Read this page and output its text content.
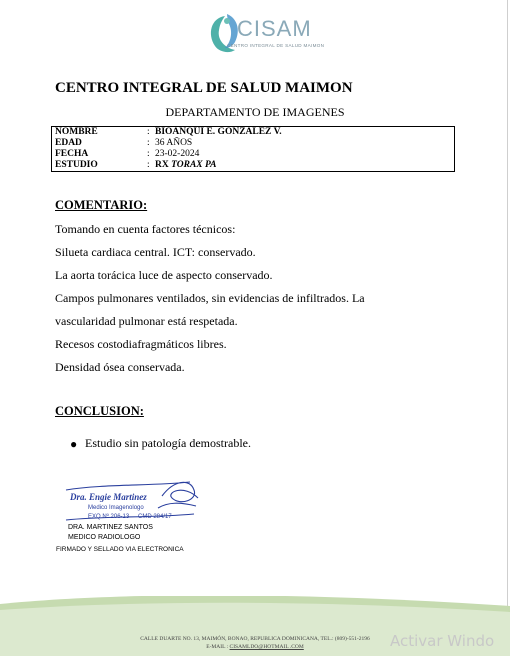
CISAM
CENTRO INTEGRAL DE SALUD MAIMON
CENTRO INTEGRAL DE SALUD MAIMON
DEPARTAMENTO DE IMAGENES
NOMBRE	: BIOANQUI E. GONZALEZ V.
EDAD	: 36 AÑOS
FECHA	: 23-02-2024
ESTUDIO	: RX TORAX PA
COMENTARIO:
Tomando en cuenta factores técnicos:
Silueta cardiaca central. ICT: conservado.
La aorta torácica luce de aspecto conservado.
Campos pulmonares ventilados, sin evidencias de infiltrados. La
vascularidad pulmonar está respetada.
Recesos costodiafragmáticos libres.
Densidad ósea conservada.
CONCLUSION:
● Estudio sin patología demostrable.
Dra. Engie Martinez
Medico Imagenologo
EXQ Nº 206-13 CMD 284/17
DRA. MARTINEZ SANTOS
MEDICO RADIOLOGO
FIRMADO Y SELLADO VIA ELECTRONICA
CALLE DUARTE NO. 13, MAIMÓN, BONAO, REPUBLICA DOMINICANA, TEL.: (809)-551-2196
E-MAIL : CISAMLDO@HOTMAIL .COM	Activar Windo
